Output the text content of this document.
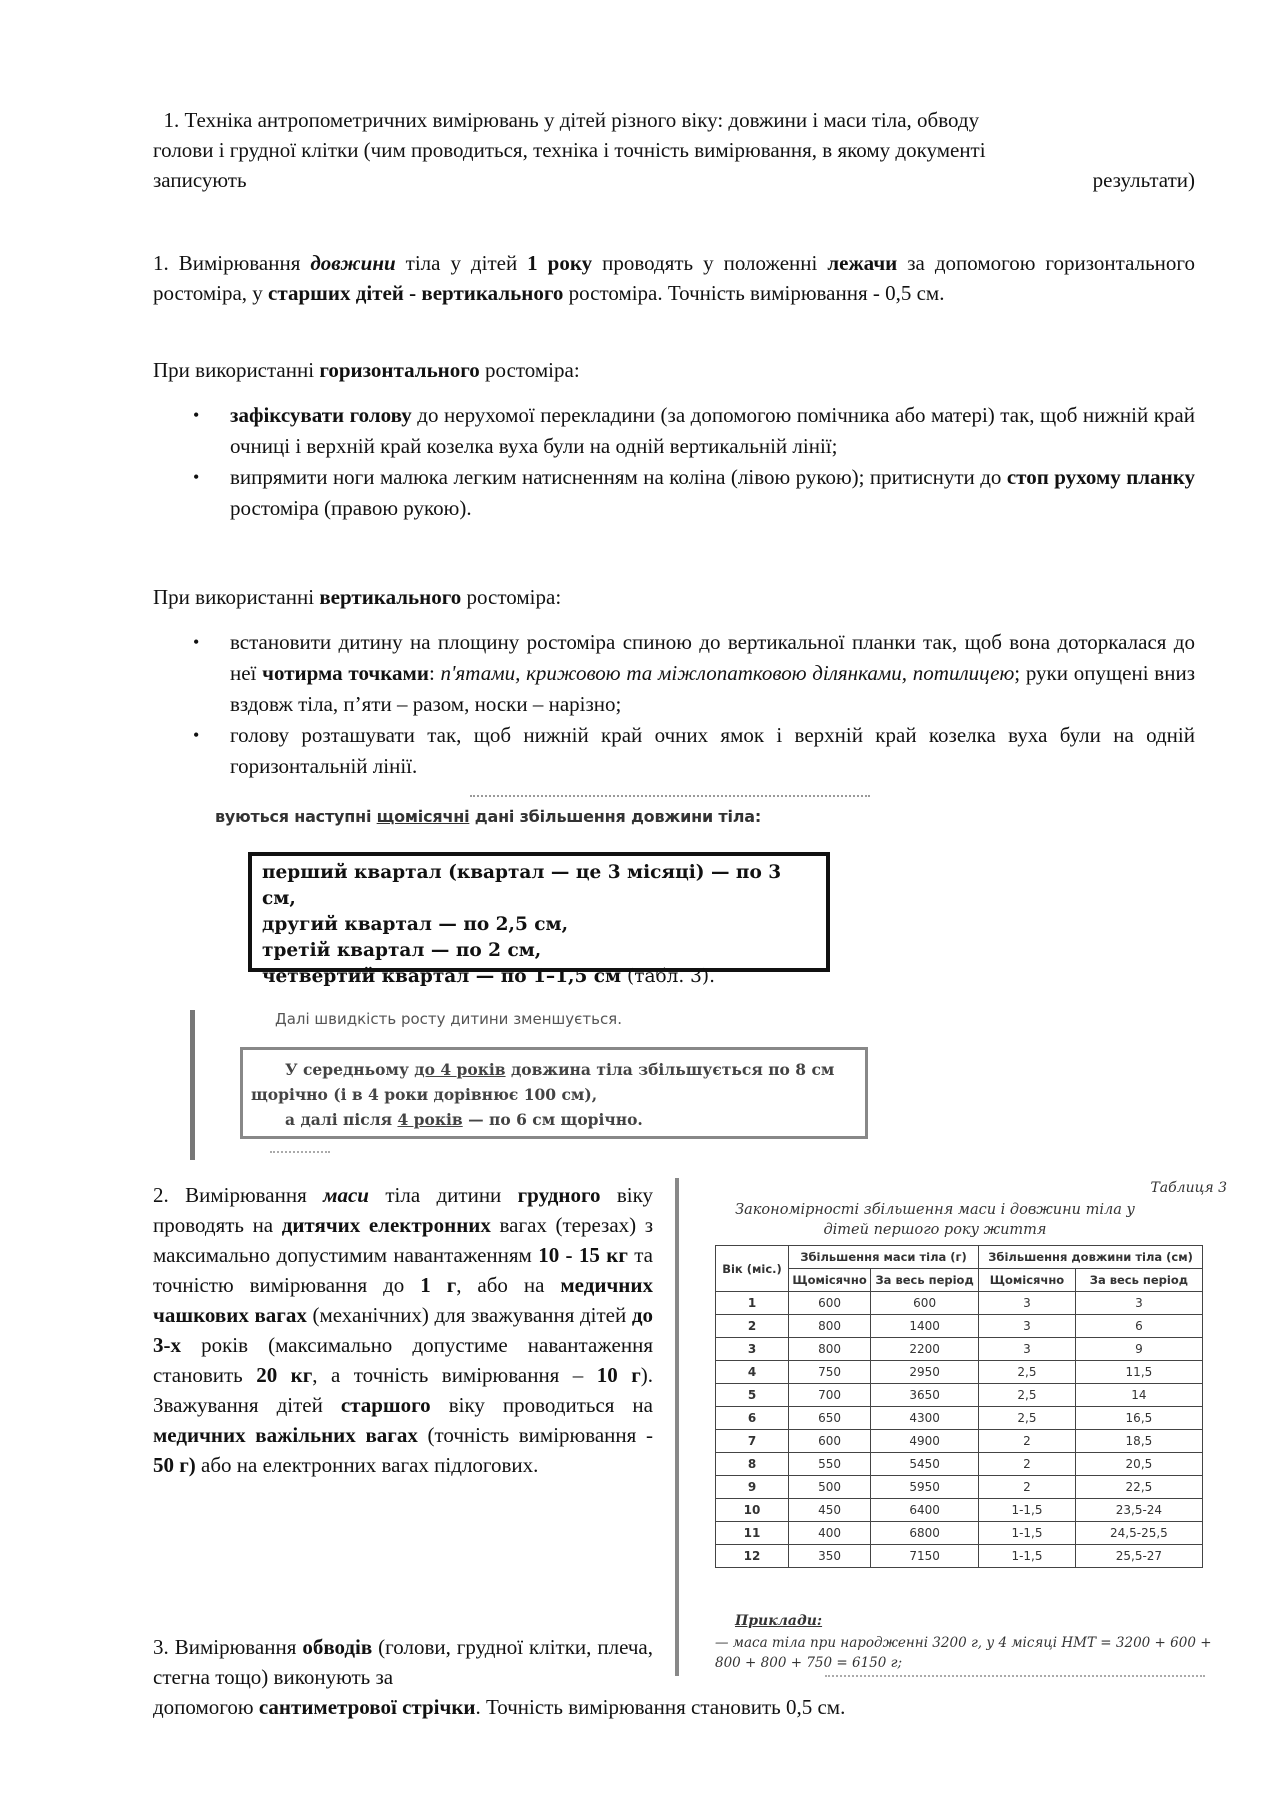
1. Техніка антропометричних вимірювань у дітей різного віку: довжини і маси тіла, обводу
голови і грудної клітки (чим проводиться, техніка і точність вимірювання, в якому документі
записують	результати)

1. Вимірювання довжини тіла у дітей 1 року проводять у положенні лежачи за допомогою горизонтального ростоміра, у старших дітей - вертикального ростоміра. Точність вимірювання - 0,5 см.

При використанні горизонтального ростоміра:

• зафіксувати голову до нерухомої перекладини (за допомогою помічника або матері) так, щоб нижній край очниці і верхній край козелка вуха були на одній вертикальній лінії;
• випрямити ноги малюка легким натисненням на коліна (лівою рукою); притиснути до стоп рухому планку ростоміра (правою рукою).

При використанні вертикального ростоміра:

• встановити дитину на площину ростоміра спиною до вертикальної планки так, щоб вона доторкалася до неї чотирма точками: п'ятами, крижовою та міжлопатковою ділянками, потилицею; руки опущені вниз вздовж тіла, п’яти – разом, носки – нарізно;
• голову розташувати так, щоб нижній край очних ямок і верхній край козелка вуха були на одній горизонтальній лінії.
вуються наступні щомісячні дані збільшення довжини тіла:
перший квартал (квартал — це 3 місяці) — по 3 см,
другий квартал — по 2,5 см,
третій квартал — по 2 см,
четвертий квартал — по 1–1,5 см (табл. 3).
Далі швидкість росту дитини зменшується.
У середньому до 4 років довжина тіла збільшується по 8 см
щорічно (і в 4 роки дорівнює 100 см),
а далі після 4 років — по 6 см щорічно.

2. Вимірювання маси тіла дитини грудного віку проводять на дитячих електронних вагах (терезах) з максимально допустимим навантаженням 10 - 15 кг та точністю вимірювання до 1 г, або на медичних чашкових вагах (механічних) для зважування дітей до 3-х років (максимально допустиме навантаження становить 20 кг, а точність вимірювання – 10 г). Зважування дітей старшого віку проводиться на медичних важільних вагах (точність вимірювання - 50 г) або на електронних вагах підлогових.

Таблиця 3
Закономірності збільшення маси і довжини тіла у дітей першого року життя
Вік (міс.)	Збільшення маси тіла (г)		Збільшення довжини тіла (см)	
	Щомісячно	За весь період	Щомісячно	За весь період
1	600	600	3	3
2	800	1400	3	6
3	800	2200	3	9
4	750	2950	2,5	11,5
5	700	3650	2,5	14
6	650	4300	2,5	16,5
7	600	4900	2	18,5
8	550	5450	2	20,5
9	500	5950	2	22,5
10	450	6400	1-1,5	23,5-24
11	400	6800	1-1,5	24,5-25,5
12	350	7150	1-1,5	25,5-27
Приклади:
— маса тіла при народженні 3200 г, у 4 місяці НМТ = 3200 + 600 + 800 + 800 + 750 = 6150 г;

3. Вимірювання обводів (голови, грудної клітки, плеча, стегна тощо) виконують за

допомогою сантиметрової стрічки. Точність вимірювання становить 0,5 см.
